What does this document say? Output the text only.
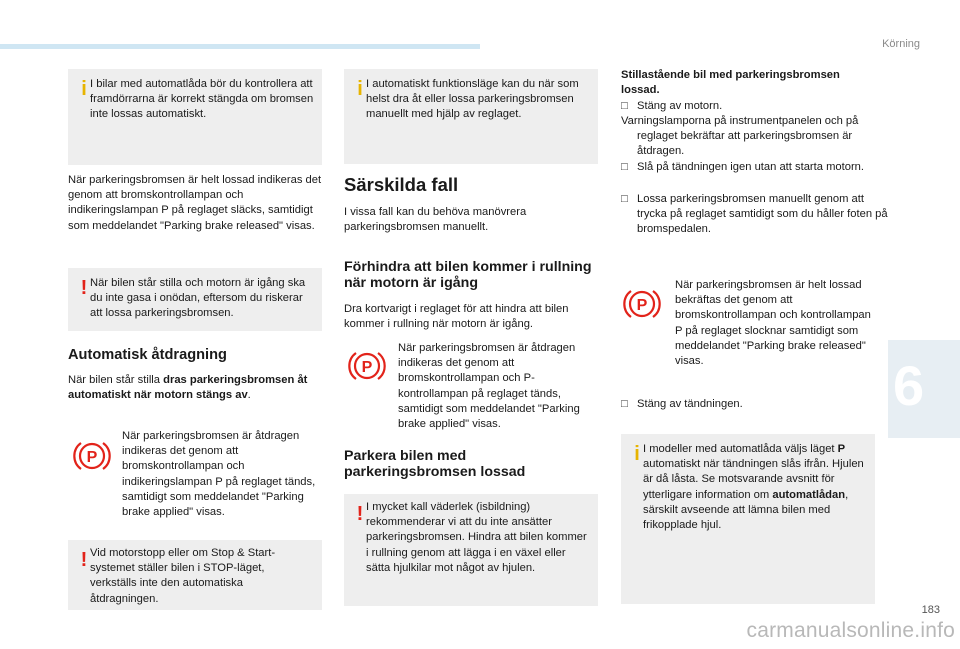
Körning
6
i I bilar med automatlåda bör du kontrollera att framdörrarna är korrekt stängda om bromsen inte lossas automatiskt.
När parkeringsbromsen är helt lossad indikeras det genom att bromskontrollampan och indikeringslampan P på reglaget släcks, samtidigt som meddelandet "Parking brake released" visas.
! När bilen står stilla och motorn är igång ska du inte gasa i onödan, eftersom du riskerar att lossa parkeringsbromsen.
Automatisk åtdragning
När bilen står stilla dras parkeringsbromsen åt automatiskt när motorn stängs av.
P
När parkeringsbromsen är åtdragen indikeras det genom att bromskontrollampan och indikeringslampan P på reglaget tänds, samtidigt som meddelandet "Parking brake applied" visas.
! Vid motorstopp eller om Stop & Start-systemet ställer bilen i STOP-läget, verkställs inte den automatiska åtdragningen.
i I automatiskt funktionsläge kan du när som helst dra åt eller lossa parkeringsbromsen manuellt med hjälp av reglaget.
Särskilda fall
I vissa fall kan du behöva manövrera parkeringsbromsen manuellt.
Förhindra att bilen kommer i rullning när motorn är igång
Dra kortvarigt i reglaget för att hindra att bilen kommer i rullning när motorn är igång.
P
När parkeringsbromsen är åtdragen indikeras det genom att bromskontrollampan och P-kontrollampan på reglaget tänds, samtidigt som meddelandet "Parking brake applied" visas.
Parkera bilen med parkeringsbromsen lossad
! I mycket kall väderlek (isbildning) rekommenderar vi att du inte ansätter parkeringsbromsen. Hindra att bilen kommer i rullning genom att lägga i en växel eller sätta hjulkilar mot något av hjulen.
Stillastående bil med parkeringsbromsen lossad.
□ Stäng av motorn.
Varningslamporna på instrumentpanelen och på reglaget bekräftar att parkeringsbromsen är åtdragen.
□ Slå på tändningen igen utan att starta motorn.
□ Lossa parkeringsbromsen manuellt genom att trycka på reglaget samtidigt som du håller foten på bromspedalen.
P
När parkeringsbromsen är helt lossad bekräftas det genom att bromskontrollampan och kontrollampan P på reglaget slocknar samtidigt som meddelandet "Parking brake released" visas.
□ Stäng av tändningen.
i I modeller med automatlåda väljs läget P automatiskt när tändningen slås ifrån. Hjulen är då låsta. Se motsvarande avsnitt för ytterligare information om automatlådan, särskilt avseende att lämna bilen med frikopplade hjul.
183
carmanualsonline.info
